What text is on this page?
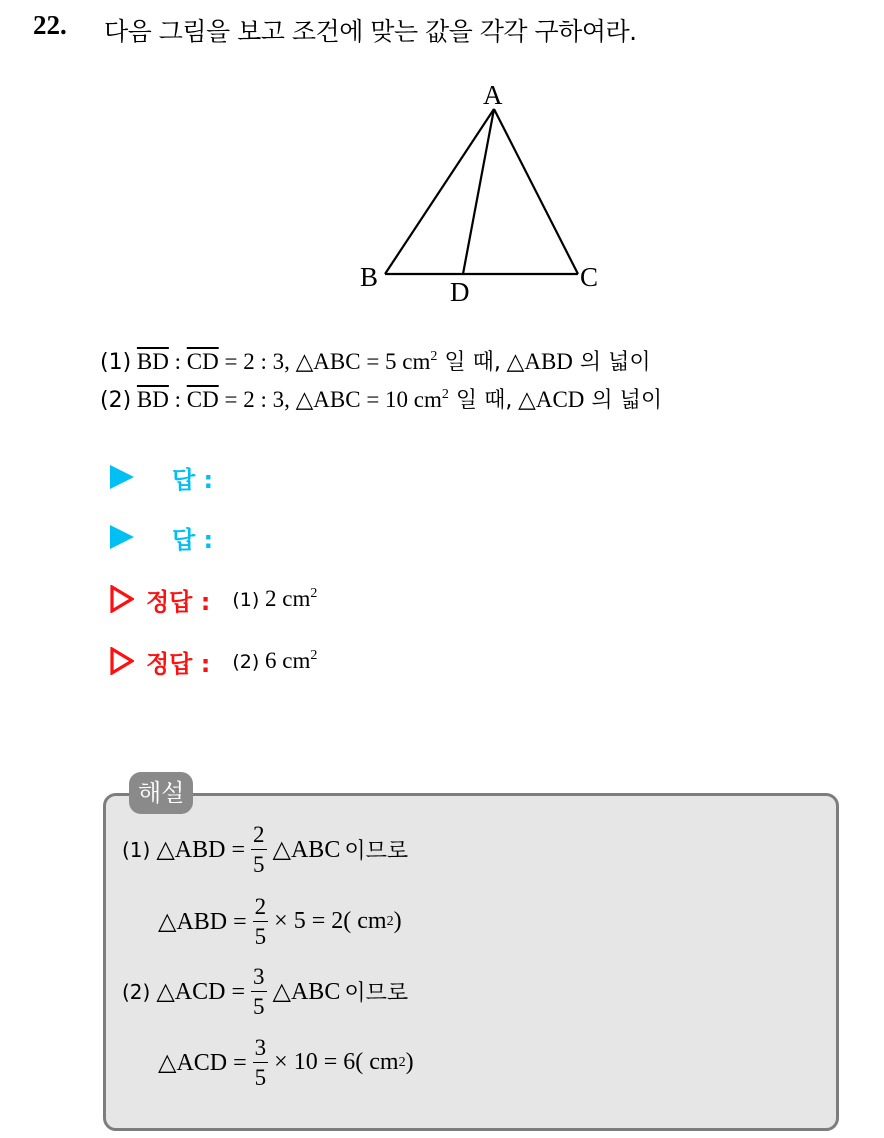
22. 다음 그림을 보고 조건에 맞는 값을 각각 구하여라.
A
B	C
D
(1) $\overline{BD}$ : $\overline{CD} = 2$ : 3, △ABC = 5 $cm^2$ 일 때, △ABD 의 넓이
(2) $\overline{BD}$ : $\overline{CD} = 2$ : 3, △ABC = 10 $cm^2$ 일 때, △ACD 의 넓이
답 :
답 :
정답 : (1) 2 $cm^2$
정답 : (2) 6 $cm^2$
해설
(1) △ABD = $\frac{2}{5}$ △ABC 이므로
△ABD = $\frac{2}{5} \times 5 = 2$( cm 2 )
(2) △ACD = $\frac{3}{5}$ △ABC 이므로
△ACD = $\frac{3}{5} \times 10 = 6$( cm 2 )
